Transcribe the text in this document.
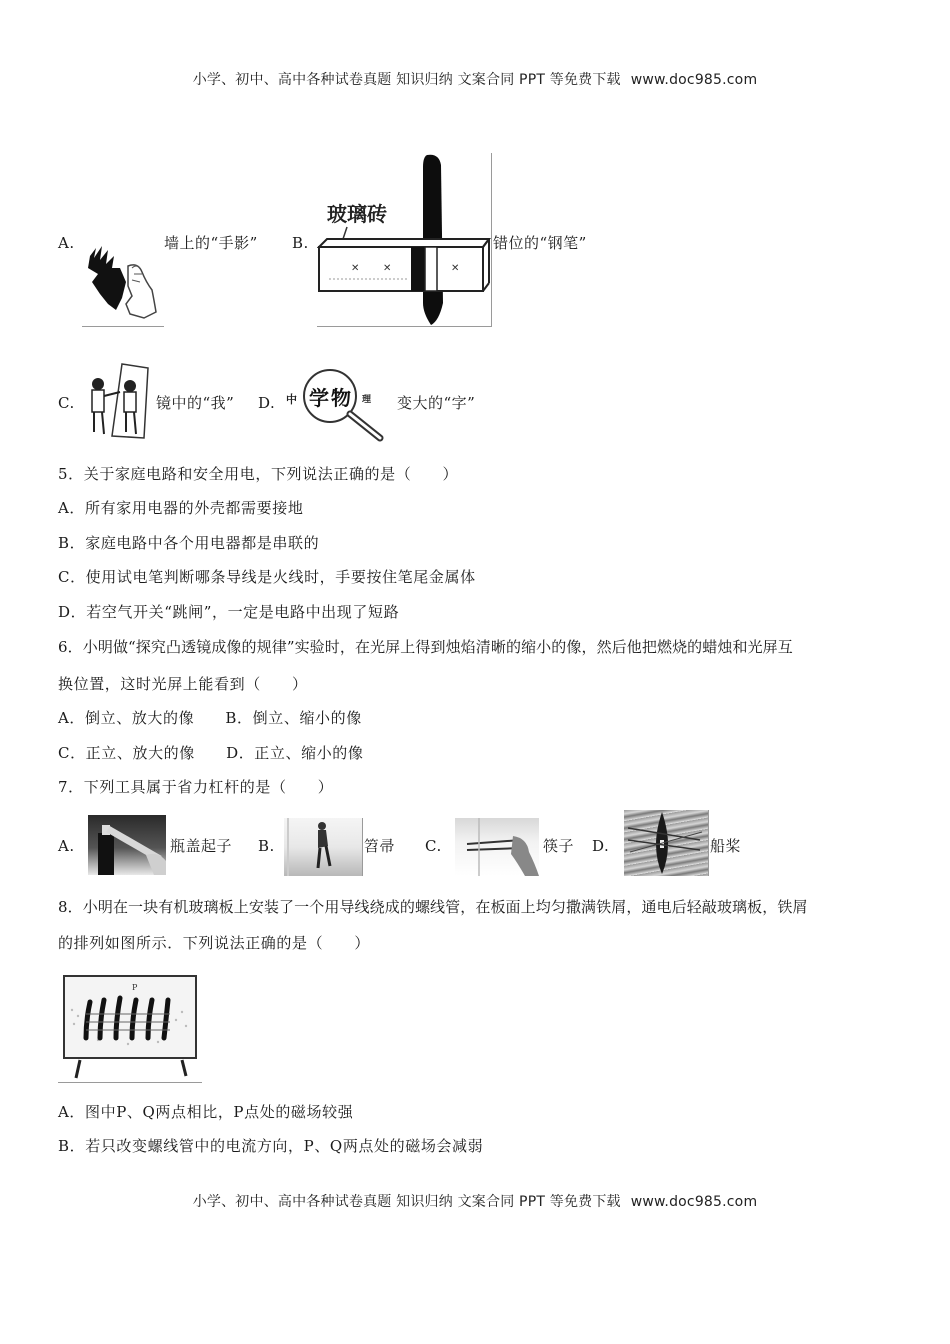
小学、初中、高中各种试卷真题 知识归纳 文案合同 PPT 等免费下载 www.doc985.com
A.	墙上的“手影” B.
玻璃砖
✕ ✕	✕
错位的“钢笔”
C.	镜中的“我” D. 中 学 物 理 变大的“字”
5．关于家庭电路和安全用电，下列说法正确的是（　　）
A．所有家用电器的外壳都需要接地
B．家庭电路中各个用电器都是串联的
C．使用试电笔判断哪条导线是火线时，手要按住笔尾金属体
D．若空气开关“跳闸”，一定是电路中出现了短路
6．小明做“探究凸透镜成像的规律”实验时，在光屏上得到烛焰清晰的缩小的像，然后他把燃烧的蜡烛和光屏互
换位置，这时光屏上能看到（　　）
A．倒立、放大的像　　B．倒立、缩小的像
C．正立、放大的像　　D．正立、缩小的像
7．下列工具属于省力杠杆的是（　　）
A.	瓶盖起子 B.	笤帚 C.	筷子 D.	船桨
8．小明在一块有机玻璃板上安装了一个用导线绕成的螺线管，在板面上均匀撒满铁屑，通电后轻敲玻璃板，铁屑
的排列如图所示．下列说法正确的是（　　）
P
A．图中P、Q两点相比，P点处的磁场较强
B．若只改变螺线管中的电流方向，P、Q两点处的磁场会减弱
小学、初中、高中各种试卷真题 知识归纳 文案合同 PPT 等免费下载 www.doc985.com
